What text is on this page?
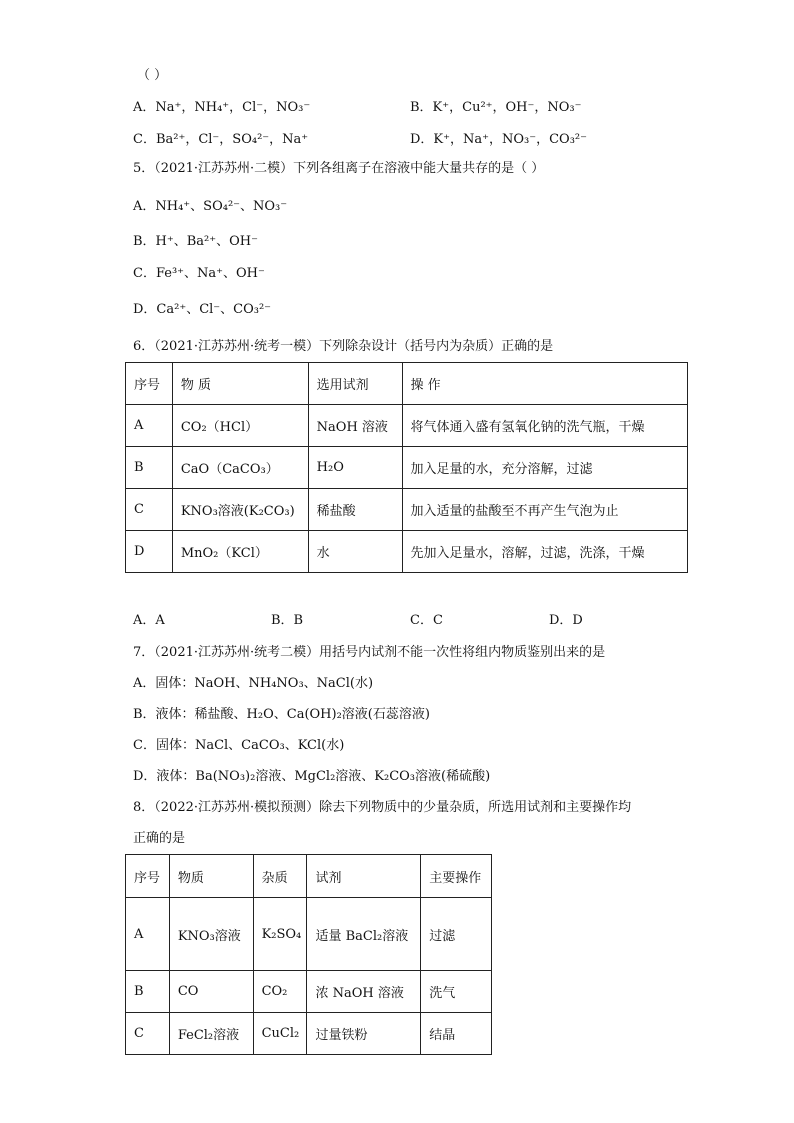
（ ）
A．Na⁺，NH₄⁺，Cl⁻，NO₃⁻	B．K⁺，Cu²⁺，OH⁻，NO₃⁻
C．Ba²⁺，Cl⁻，SO₄²⁻，Na⁺	D．K⁺，Na⁺，NO₃⁻，CO₃²⁻
5．（2021·江苏苏州·二模）下列各组离子在溶液中能大量共存的是（ ）
A．NH₄⁺、SO₄²⁻、NO₃⁻
B．H⁺、Ba²⁺、OH⁻
C．Fe³⁺、Na⁺、OH⁻
D．Ca²⁺、Cl⁻、CO₃²⁻
6．（2021·江苏苏州·统考一模）下列除杂设计（括号内为杂质）正确的是
序号	物 质	选用试剂	操 作
A	CO₂（HCl）	NaOH 溶液	将气体通入盛有氢氧化钠的洗气瓶，干燥
B	CaO（CaCO₃）	H₂O	加入足量的水，充分溶解，过滤
C	KNO₃溶液(K₂CO₃)	稀盐酸	加入适量的盐酸至不再产生气泡为止
D	MnO₂（KCl）	水	先加入足量水，溶解，过滤，洗涤，干燥
A．A	B．B	C．C	D．D
7．（2021·江苏苏州·统考二模）用括号内试剂不能一次性将组内物质鉴别出来的是
A．固体：NaOH、NH₄NO₃、NaCl(水)
B．液体：稀盐酸、H₂O、Ca(OH)₂溶液(石蕊溶液)
C．固体：NaCl、CaCO₃、KCl(水)
D．液体：Ba(NO₃)₂溶液、MgCl₂溶液、K₂CO₃溶液(稀硫酸)
8．（2022·江苏苏州·模拟预测）除去下列物质中的少量杂质，所选用试剂和主要操作均
正确的是
序号	物质	杂质	试剂	主要操作
A	KNO₃溶液	K₂SO₄	适量 BaCl₂溶液	过滤
B	CO	CO₂	浓 NaOH 溶液	洗气
C	FeCl₂溶液	CuCl₂	过量铁粉	结晶
